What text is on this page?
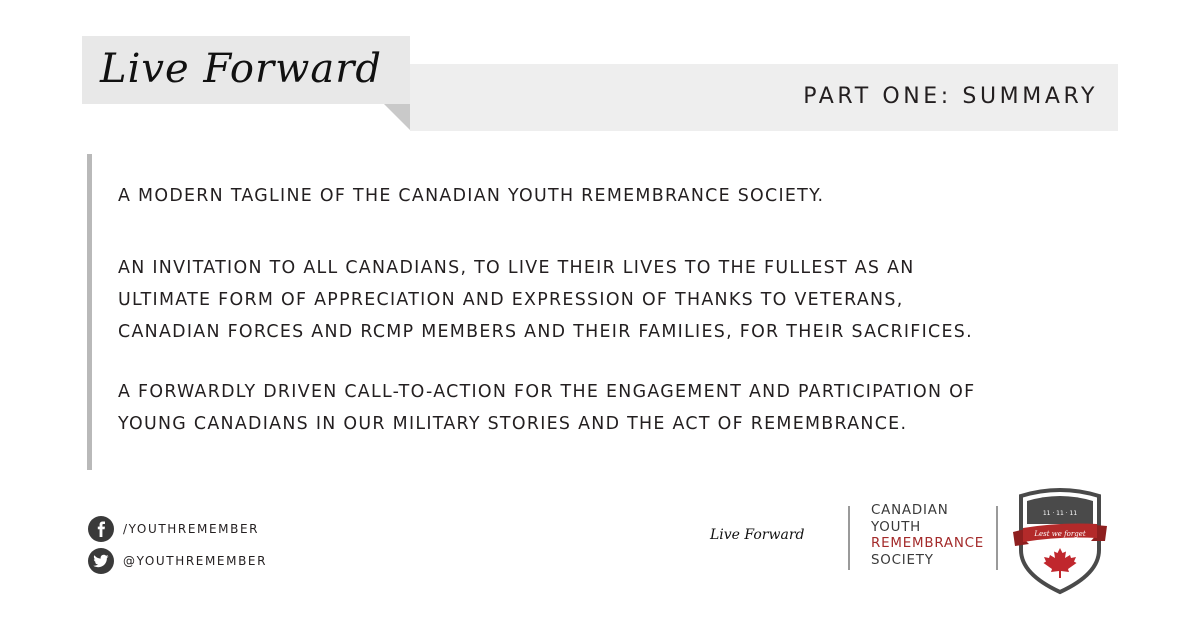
Live Forward
PART ONE: SUMMARY

A MODERN TAGLINE OF THE CANADIAN YOUTH REMEMBRANCE SOCIETY.

AN INVITATION TO ALL CANADIANS, TO LIVE THEIR LIVES TO THE FULLEST AS AN
ULTIMATE FORM OF APPRECIATION AND EXPRESSION OF THANKS TO VETERANS,
CANADIAN FORCES AND RCMP MEMBERS AND THEIR FAMILIES, FOR THEIR SACRIFICES.

A FORWARDLY DRIVEN CALL-TO-ACTION FOR THE ENGAGEMENT AND PARTICIPATION OF
YOUNG CANADIANS IN OUR MILITARY STORIES AND THE ACT OF REMEMBRANCE.

/YOUTHREMEMBER
@YOUTHREMEMBER
Live Forward
CANADIAN
YOUTH
REMEMBRANCE
SOCIETY
11 · 11 · 11
Lest we forget
